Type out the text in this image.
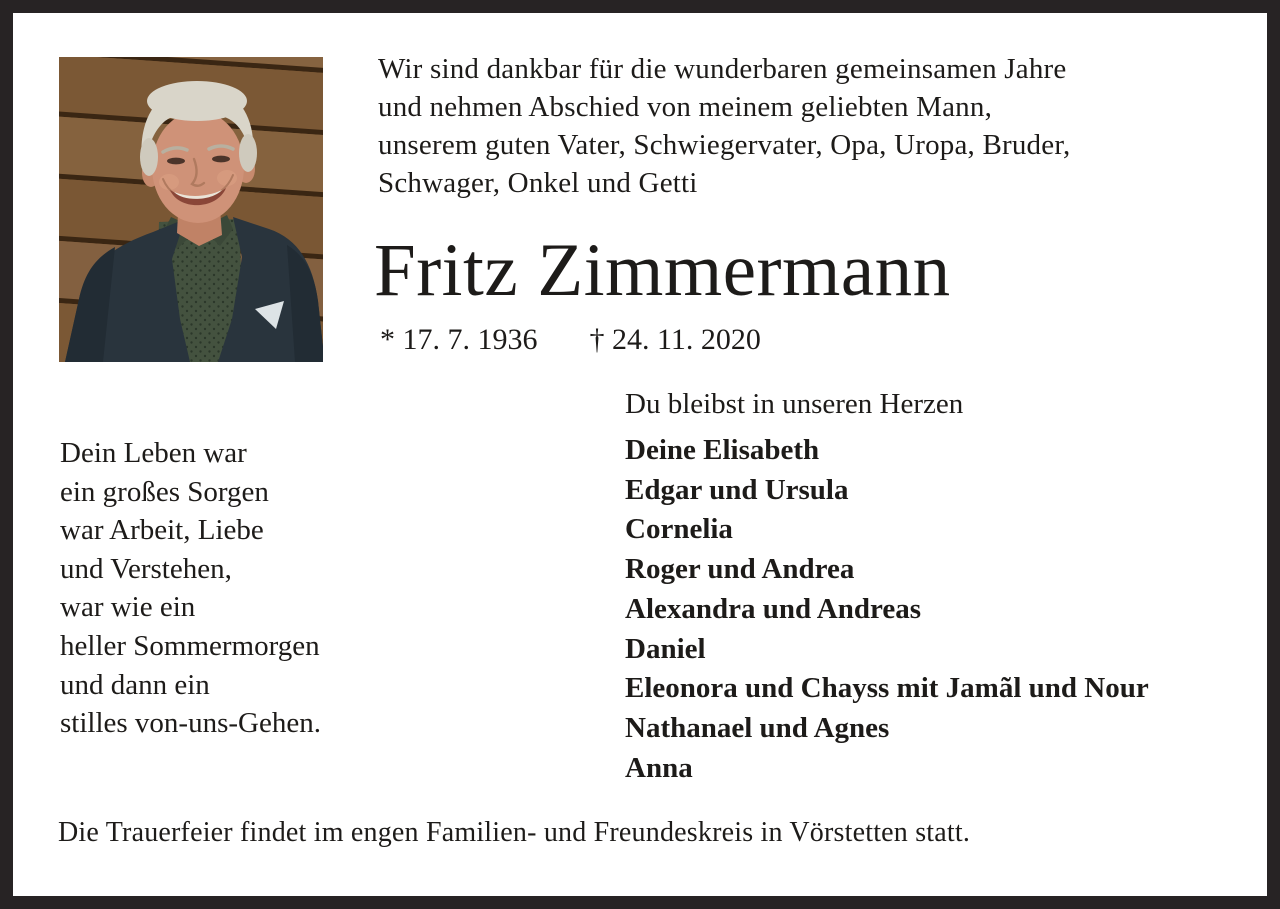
Wir sind dankbar für die wunderbaren gemeinsamen Jahre
und nehmen Abschied von meinem geliebten Mann,
unserem guten Vater, Schwiegervater, Opa, Uropa, Bruder,
Schwager, Onkel und Getti
Fritz Zimmermann
* 17. 7. 1936 † 24. 11. 2020
Du bleibst in unseren Herzen
Deine Elisabeth
Edgar und Ursula
Cornelia
Roger und Andrea
Alexandra und Andreas
Daniel
Eleonora und Chayss mit Jamãl und Nour
Nathanael und Agnes
Anna
Dein Leben war
ein großes Sorgen
war Arbeit, Liebe
und Verstehen,
war wie ein
heller Sommermorgen
und dann ein
stilles von-uns-Gehen.
Die Trauerfeier findet im engen Familien- und Freundeskreis in Vörstetten statt.
